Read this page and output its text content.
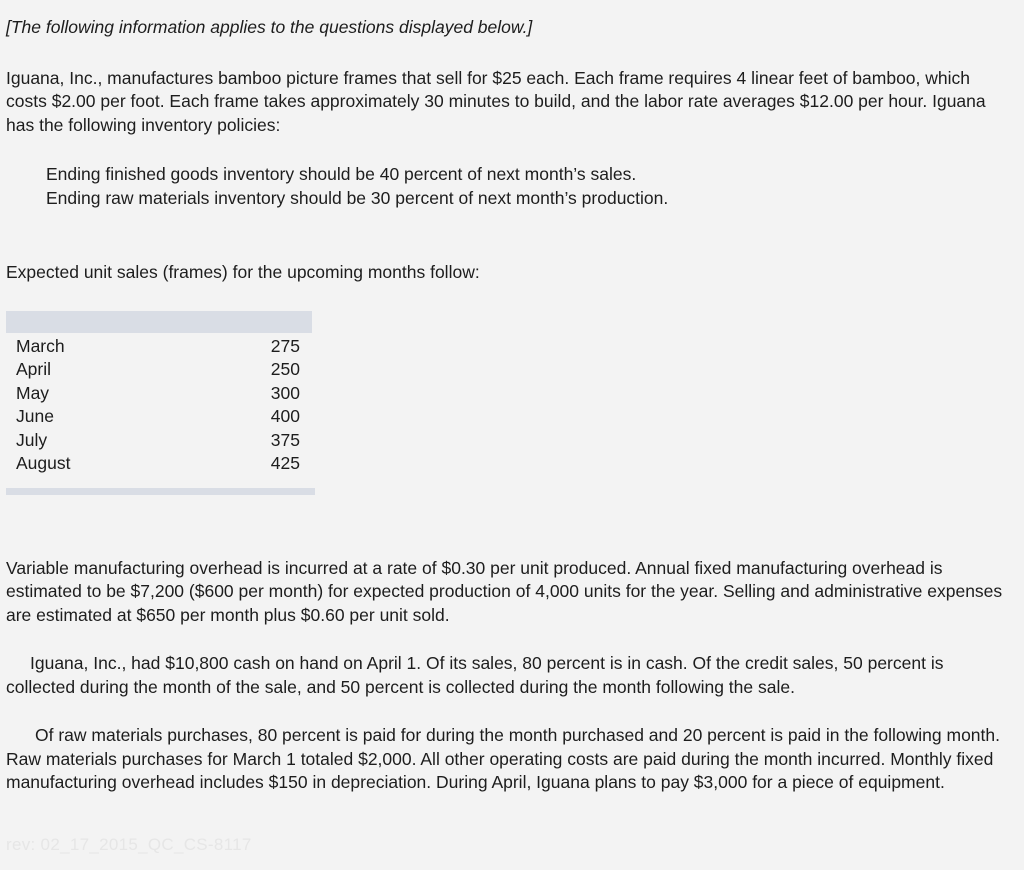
[The following information applies to the questions displayed below.]

Iguana, Inc., manufactures bamboo picture frames that sell for $25 each. Each frame requires 4 linear feet of bamboo, which costs $2.00 per foot. Each frame takes approximately 30 minutes to build, and the labor rate averages $12.00 per hour. Iguana has the following inventory policies:

Ending finished goods inventory should be 40 percent of next month’s sales.

Ending raw materials inventory should be 30 percent of next month’s production.

Expected unit sales (frames) for the upcoming months follow:

March	275
April	250
May	300
June	400
July	375
August	425

Variable manufacturing overhead is incurred at a rate of $0.30 per unit produced. Annual fixed manufacturing overhead is estimated to be $7,200 ($600 per month) for expected production of 4,000 units for the year. Selling and administrative expenses are estimated at $650 per month plus $0.60 per unit sold.

Iguana, Inc., had $10,800 cash on hand on April 1. Of its sales, 80 percent is in cash. Of the credit sales, 50 percent is collected during the month of the sale, and 50 percent is collected during the month following the sale.

Of raw materials purchases, 80 percent is paid for during the month purchased and 20 percent is paid in the following month. Raw materials purchases for March 1 totaled $2,000. All other operating costs are paid during the month incurred. Monthly fixed manufacturing overhead includes $150 in depreciation. During April, Iguana plans to pay $3,000 for a piece of equipment.

rev: 02_17_2015_QC_CS-8117
